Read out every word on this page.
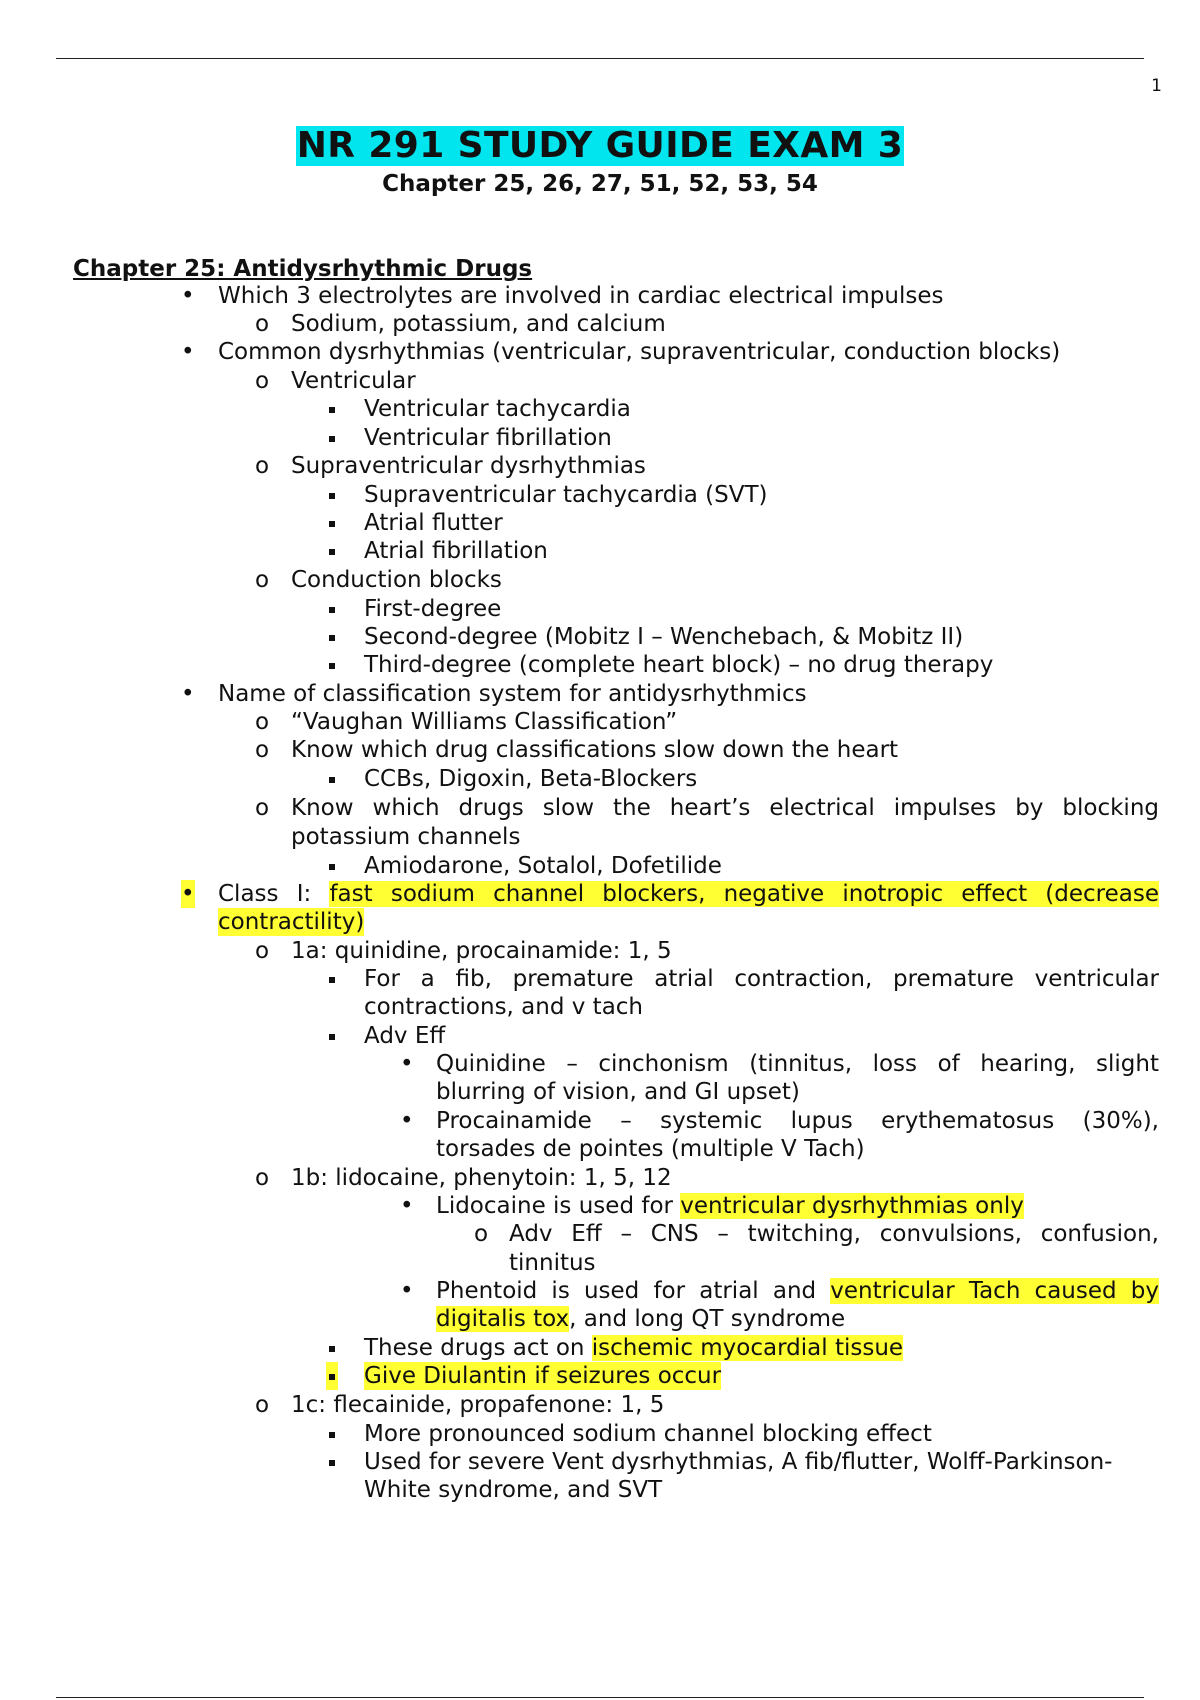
1
NR 291 STUDY GUIDE EXAM 3
Chapter 25, 26, 27, 51, 52, 53, 54
Chapter 25: Antidysrhythmic Drugs
• Which 3 electrolytes are involved in cardiac electrical impulses
o Sodium, potassium, and calcium
• Common dysrhythmias (ventricular, supraventricular, conduction blocks)
o Ventricular
Ventricular tachycardia
Ventricular fibrillation
o Supraventricular dysrhythmias
Supraventricular tachycardia (SVT)
Atrial flutter
Atrial fibrillation
o Conduction blocks
First-degree
Second-degree (Mobitz I – Wenchebach, & Mobitz II)
Third-degree (complete heart block) – no drug therapy
• Name of classification system for antidysrhythmics
o “Vaughan Williams Classification”
o Know which drug classifications slow down the heart
CCBs, Digoxin, Beta-Blockers
o Know which drugs slow the heart’s electrical impulses by blocking
potassium channels
Amiodarone, Sotalol, Dofetilide
• Class I: fast sodium channel blockers, negative inotropic effect (decrease
contractility)
o 1a: quinidine, procainamide: 1, 5
For a fib, premature atrial contraction, premature ventricular
contractions, and v tach
Adv Eff
• Quinidine – cinchonism (tinnitus, loss of hearing, slight
blurring of vision, and GI upset)
• Procainamide – systemic lupus erythematosus (30%),
torsades de pointes (multiple V Tach)
o 1b: lidocaine, phenytoin: 1, 5, 12
• Lidocaine is used for ventricular dysrhythmias only
o Adv Eff – CNS – twitching, convulsions, confusion,
tinnitus
• Phentoid is used for atrial and ventricular Tach caused by
digitalis tox, and long QT syndrome
These drugs act on ischemic myocardial tissue
Give Diulantin if seizures occur
o 1c: flecainide, propafenone: 1, 5
More pronounced sodium channel blocking effect
Used for severe Vent dysrhythmias, A fib/flutter, Wolff-Parkinson-
White syndrome, and SVT
